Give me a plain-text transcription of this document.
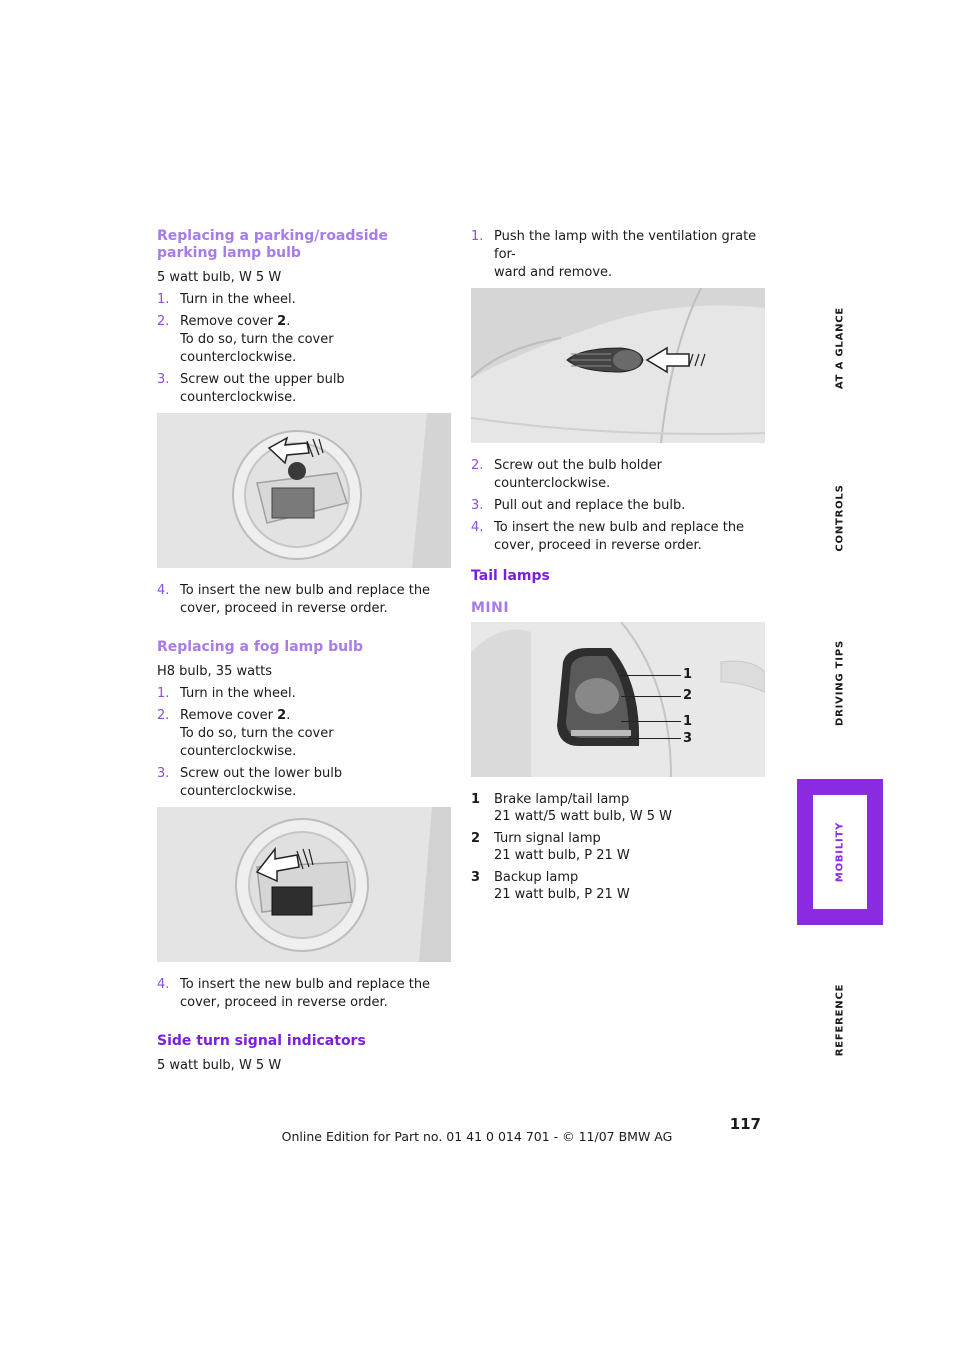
Replacing a parking/roadside parking lamp bulb

5 watt bulb, W 5 W

1. Turn in the wheel.
2. Remove cover 2.
To do so, turn the cover counterclockwise.
3. Screw out the upper bulb counterclockwise.
4. To insert the new bulb and replace the
cover, proceed in reverse order.
Replacing a fog lamp bulb

H8 bulb, 35 watts

1. Turn in the wheel.
2. Remove cover 2.
To do so, turn the cover counterclockwise.
3. Screw out the lower bulb counterclockwise.
4. To insert the new bulb and replace the
cover, proceed in reverse order.
Side turn signal indicators

5 watt bulb, W 5 W

1. Push the lamp with the ventilation grate for-
ward and remove.
2. Screw out the bulb holder counterclockwise.
3. Pull out and replace the bulb.
4. To insert the new bulb and replace the
cover, proceed in reverse order.
Tail lamps
MINI
1
2
1
3
1	Brake lamp/tail lamp
21 watt/5 watt bulb, W 5 W
2	Turn signal lamp
21 watt bulb, P 21 W
3	Backup lamp
21 watt bulb, P 21 W
AT A GLANCE
CONTROLS
DRIVING TIPS
MOBILITY
REFERENCE
117
Online Edition for Part no. 01 41 0 014 701 - © 11/07 BMW AG
